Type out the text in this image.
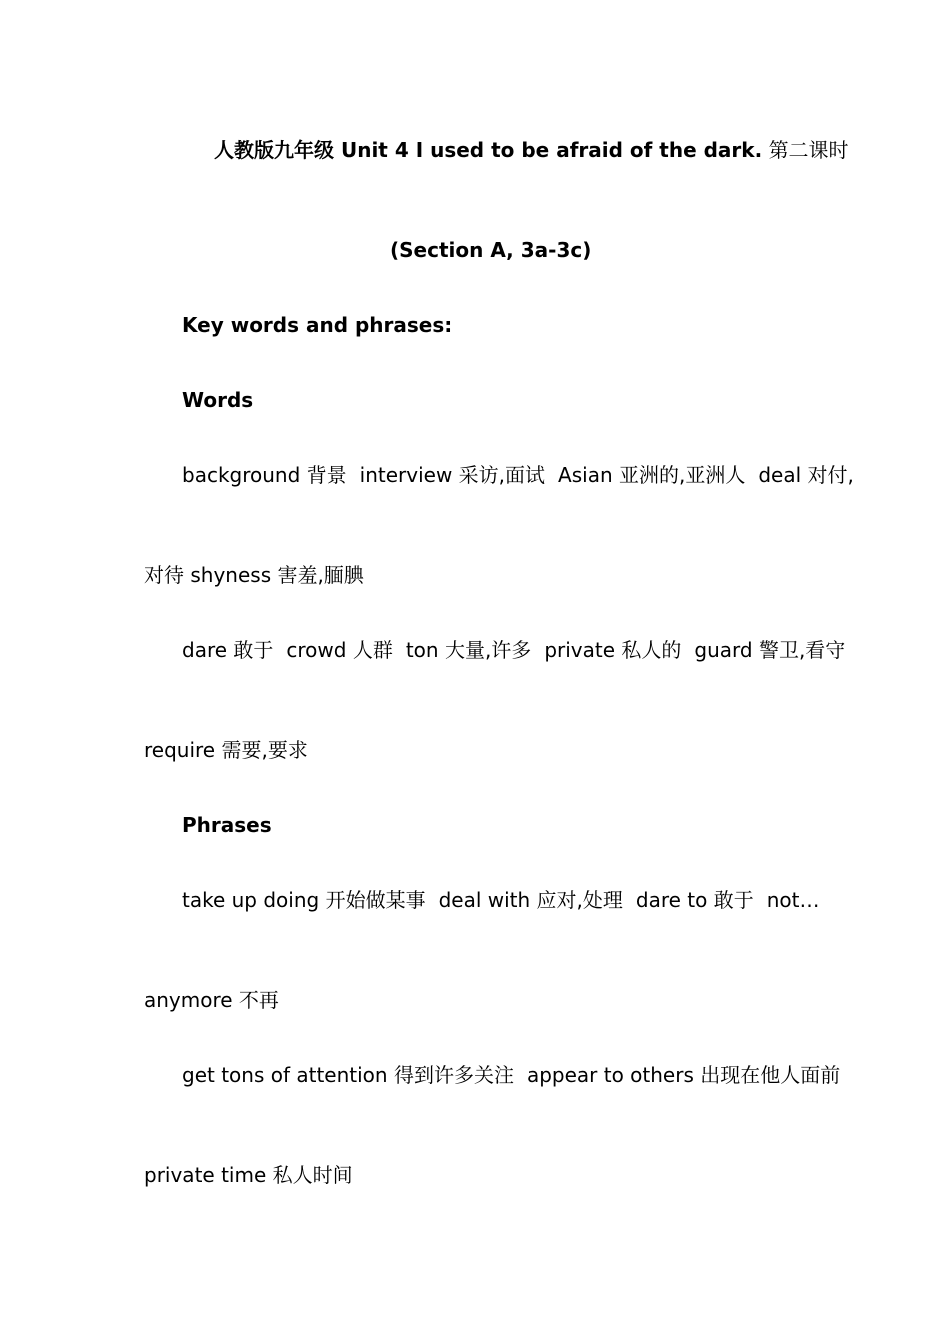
人教版九年级 Unit 4 I used to be afraid of the dark. 第二课时
(Section A, 3a-3c)
Key words and phrases:
Words
background 背景 interview 采访,面试 Asian 亚洲的,亚洲人 deal 对付,
对待 shyness 害羞,腼腆
dare 敢于 crowd 人群 ton 大量,许多 private 私人的 guard 警卫,看守
require 需要,要求
Phrases
take up doing 开始做某事 deal with 应对,处理 dare to 敢于 not…
anymore 不再
get tons of attention 得到许多关注 appear to others 出现在他人面前
private time 私人时间
